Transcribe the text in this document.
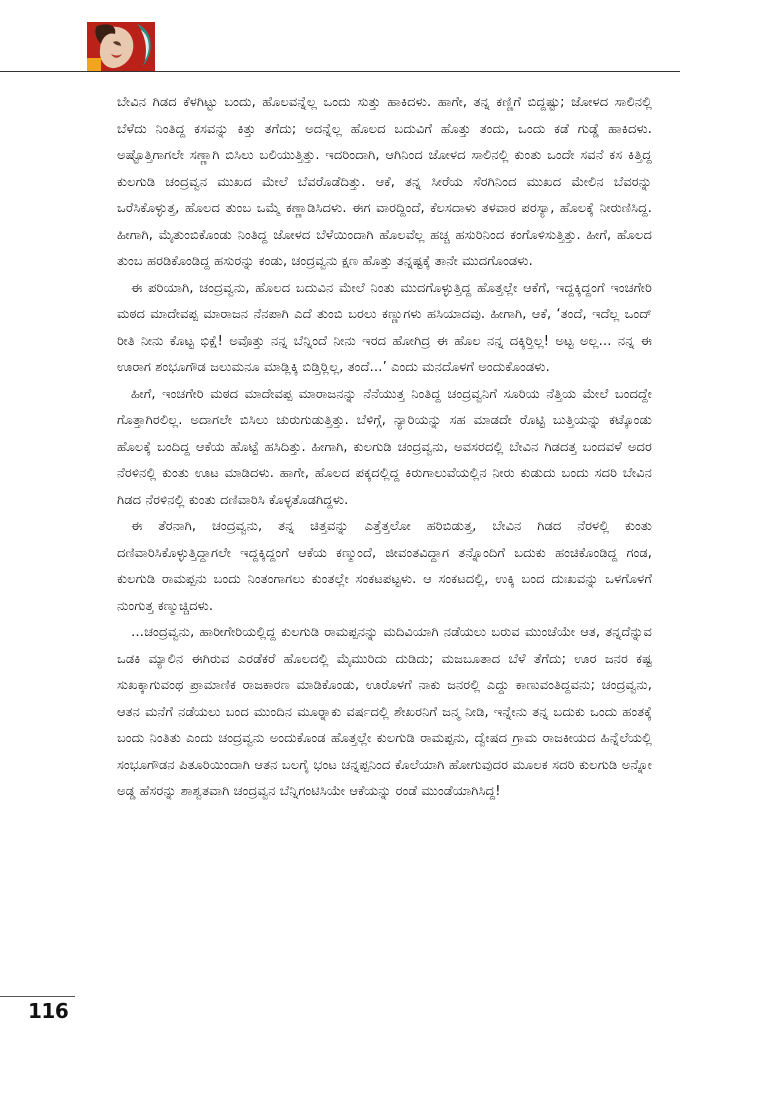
ಬೇವಿನ ಗಿಡದ ಕೆಳಗಿಟ್ಟು ಬಂದು, ಹೊಲವನ್ನೆಲ್ಲ ಒಂದು ಸುತ್ತು ಹಾಕಿದಳು. ಹಾಗೇ, ತನ್ನ ಕಣ್ಣಿಗೆ ಬಿದ್ದಷ್ಟು; ಜೋಳದ ಸಾಲಿನಲ್ಲಿ ಬೆಳೆದು ನಿಂತಿದ್ದ ಕಸವನ್ನು ಕಿತ್ತು ತಗೆದು; ಅದನ್ನೆಲ್ಲ ಹೊಲದ ಬದುವಿಗೆ ಹೊತ್ತು ತಂದು, ಒಂದು ಕಡೆ ಗುಡ್ಡೆ ಹಾಕಿದಳು. ಅಷ್ಟೊತ್ತಿಗಾಗಲೇ ಸಣ್ಣಾಗಿ ಬಿಸಿಲು ಬಲಿಯುತ್ತಿತ್ತು. ಇದರಿಂದಾಗಿ, ಆಗಿನಿಂದ ಜೋಳದ ಸಾಲಿನಲ್ಲಿ ಕುಂತು ಒಂದೇ ಸವನೆ ಕಸ ಕಿತ್ತಿದ್ದ ಕುಲಗುಡಿ ಚಂದ್ರವ್ವನ ಮುಖದ ಮೇಲೆ ಬೆವರೊಡೆದಿತ್ತು. ಆಕೆ, ತನ್ನ ಸೀರೆಯ ಸೆರಗಿನಿಂದ ಮುಖದ ಮೇಲಿನ ಬೆವರನ್ನು ಒರೆಸಿಕೊಳ್ಳುತ್ತ, ಹೊಲದ ತುಂಬ ಒಮ್ಮೆ ಕಣ್ಣಾಡಿಸಿದಳು. ಈಗ ವಾರದ್ದಿಂದೆ, ಕೆಲಸದಾಳು ತಳವಾರ ಪರಸ್ಯಾ, ಹೊಲಕ್ಕೆ ನೀರುಣಿಸಿದ್ದ. ಹೀಗಾಗಿ, ಮೈತುಂಬಿಕೊಂಡು ನಿಂತಿದ್ದ ಜೋಳದ ಬೆಳೆಯಿಂದಾಗಿ ಹೊಲವೆಲ್ಲ ಹಚ್ಚ ಹಸುರಿನಿಂದ ಕಂಗೊಳಿಸುತ್ತಿತ್ತು. ಹೀಗೆ, ಹೊಲದ ತುಂಬ ಹರಡಿಕೊಂಡಿದ್ದ ಹಸುರನ್ನು ಕಂಡು, ಚಂದ್ರವ್ವನು ಕ್ಷಣ ಹೊತ್ತು ತನ್ನಷ್ಟಕ್ಕೆ ತಾನೇ ಮುದಗೊಂಡಳು.

ಈ ಪರಿಯಾಗಿ, ಚಂದ್ರವ್ವನು, ಹೊಲದ ಬದುವಿನ ಮೇಲೆ ನಿಂತು ಮುದಗೊಳ್ಳುತ್ತಿದ್ದ ಹೊತ್ತಲ್ಲೇ ಆಕೆಗೆ, ಇದ್ದಕ್ಕಿದ್ದಂಗೆ ಇಂಚಗೇರಿ ಮಠದ ಮಾದೇವಪ್ಪ ಮಾರಾಜನ ನೆನಪಾಗಿ ಎದೆ ತುಂಬಿ ಬರಲು ಕಣ್ಣುಗಳು ಹಸಿಯಾದವು. ಹೀಗಾಗಿ, ಆಕೆ, ‘ತಂದೆ, ಇದೆಲ್ಲ ಒಂದ್ ರೀತಿ ನೀನು ಕೊಟ್ಟ ಭಿಕ್ಷೆ! ಅವೊತ್ತು ನನ್ನ ಬೆನ್ನಿಂದೆ ನೀನು ಇರದ ಹೋಗಿದ್ರ ಈ ಹೊಲ ನನ್ನ ದಕ್ಕಿರ್‍ತಿಲ್ಲ! ಅಟ್ಟ ಅಲ್ಲ… ನನ್ನ ಈ ಊರಾಗ ಶಂಭೂಗೌಡ ಜಲುಮನೂ ಮಾಡ್ಲಿಕ್ಕಿ ಬಿಡ್ತಿರ್‍ಲಿಲ್ಲ, ತಂದೆ…’ ಎಂದು ಮನದೊಳಗೆ ಅಂದುಕೊಂಡಳು.

ಹೀಗೆ, ಇಂಚಗೇರಿ ಮಠದ ಮಾದೇವಪ್ಪ ಮಾರಾಜನನ್ನು ನೆನೆಯುತ್ತ ನಿಂತಿದ್ದ ಚಂದ್ರವ್ವನಿಗೆ ಸೂರಿಯ ನೆತ್ತಿಯ ಮೇಲೆ ಬಂದದ್ದೇ ಗೊತ್ತಾಗಿರಲಿಲ್ಲ. ಅದಾಗಲೇ ಬಿಸಿಲು ಚುರುಗುಡುತ್ತಿತ್ತು. ಬೆಳಿಗ್ಗೆ, ನ್ಯಾರಿಯನ್ನು ಸಹ ಮಾಡದೇ ರೊಟ್ಟಿ ಬುತ್ತಿಯನ್ನು ಕಟ್ಕೊಂಡು ಹೊಲಕ್ಕೆ ಬಂದಿದ್ದ ಆಕೆಯ ಹೊಟ್ಟೆ ಹಸಿದಿತ್ತು. ಹೀಗಾಗಿ, ಕುಲಗುಡಿ ಚಂದ್ರವ್ವನು, ಅವಸರದಲ್ಲಿ ಬೇವಿನ ಗಿಡದತ್ತ ಬಂದವಳೆ ಅದರ ನೆರಳಿನಲ್ಲಿ ಕುಂತು ಊಟ ಮಾಡಿದಳು. ಹಾಗೇ, ಹೊಲದ ಪಕ್ಕದಲ್ಲಿದ್ದ ಕಿರುಗಾಲುವೆಯಲ್ಲಿನ ನೀರು ಕುಡುದು ಬಂದು ಸದರಿ ಬೇವಿನ ಗಿಡದ ನೆರಳಿನಲ್ಲಿ ಕುಂತು ದಣಿವಾರಿಸಿ ಕೊಳ್ಳತೊಡಗಿದ್ದಳು.

ಈ ತೆರನಾಗಿ, ಚಂದ್ರವ್ವನು, ತನ್ನ ಚಿತ್ತವನ್ನು ಎತ್ತೆತ್ತಲೋ ಹರಿಬಿಡುತ್ತ, ಬೇವಿನ ಗಿಡದ ನೆರಳಲ್ಲಿ ಕುಂತು ದಣಿವಾರಿಸಿಕೊಳ್ಳುತ್ತಿದ್ದಾಗಲೇ ಇದ್ದಕ್ಕಿದ್ದಂಗೆ ಆಕೆಯ ಕಣ್ಮುಂದೆ, ಜೀವಂತವಿದ್ದಾಗ ತನ್ನೊಂದಿಗೆ ಬದುಕು ಹಂಚಿಕೊಂಡಿದ್ದ ಗಂಡ, ಕುಲಗುಡಿ ರಾಮಪ್ಪನು ಬಂದು ನಿಂತಂಗಾಗಲು ಕುಂತಲ್ಲೇ ಸಂಕಟಪಟ್ಟಳು. ಆ ಸಂಕಟದಲ್ಲಿ, ಉಕ್ಕಿ ಬಂದ ದುಃಖವನ್ನು ಒಳಗೊಳಗೆ ನುಂಗುತ್ತ ಕಣ್ಮುಚ್ಚಿದಳು.

…ಚಂದ್ರವ್ವನು, ಹಾರೀಗೇರಿಯಲ್ಲಿದ್ದ ಕುಲಗುಡಿ ರಾಮಪ್ಪನನ್ನು ಮದಿವಿಯಾಗಿ ನಡೆಯಲು ಬರುವ ಮುಂಚೆಯೇ ಆತ, ತನ್ನದೆನ್ನುವ ಒಡಕಿ ಮ್ಯಾಲಿನ ಈಗಿರುವ ಎರಡೆಕರೆ ಹೊಲದಲ್ಲಿ ಮೈಮುರಿದು ದುಡಿದು; ಮಜಬೂತಾದ ಬೆಳೆ ತೆಗೆದು; ಊರ ಜನರ ಕಷ್ಟ ಸುಖಕ್ಕಾಗುವಂಥ ಪ್ರಾಮಾಣಿಕ ರಾಜಕಾರಣ ಮಾಡಿಕೊಂಡು, ಊರೊಳಗೆ ನಾಕು ಜನರಲ್ಲಿ ಎದ್ದು ಕಾಣುವಂತಿದ್ದವನು; ಚಂದ್ರವ್ವನು, ಆತನ ಮನೆಗೆ ನಡೆಯಲು ಬಂದ ಮುಂದಿನ ಮೂರ್‍ನಾಕು ವರ್ಷದಲ್ಲಿ ಶೇಖರನಿಗೆ ಜನ್ಮ ನೀಡಿ, ಇನ್ನೇನು ತನ್ನ ಬದುಕು ಒಂದು ಹಂತಕ್ಕೆ ಬಂದು ನಿಂತಿತು ಎಂದು ಚಂದ್ರವ್ವನು ಅಂದುಕೊಂಡ ಹೊತ್ತಲ್ಲೇ ಕುಲಗುಡಿ ರಾಮಪ್ಪನು, ದ್ವೇಷದ ಗ್ರಾಮ ರಾಜಕೀಯದ ಹಿನ್ನೆಲೆಯಲ್ಲಿ ಸಂಭೂಗೌಡನ ಪಿತೂರಿಯಿಂದಾಗಿ ಆತನ ಬಲಗೈ ಭಂಟ ಚನ್ನಪ್ಪನಿಂದ ಕೊಲೆಯಾಗಿ ಹೋಗುವುದರ ಮೂಲಕ ಸದರಿ ಕುಲಗುಡಿ ಅನ್ನೋ ಅಡ್ಡ ಹೆಸರನ್ನು ಶಾಶ್ವತವಾಗಿ ಚಂದ್ರವ್ವನ ಬೆನ್ನಿಗಂಟಿಸಿಯೇ ಆಕೆಯನ್ನು ರಂಡೆ ಮುಂಡೆಯಾಗಿಸಿದ್ದ!

116
